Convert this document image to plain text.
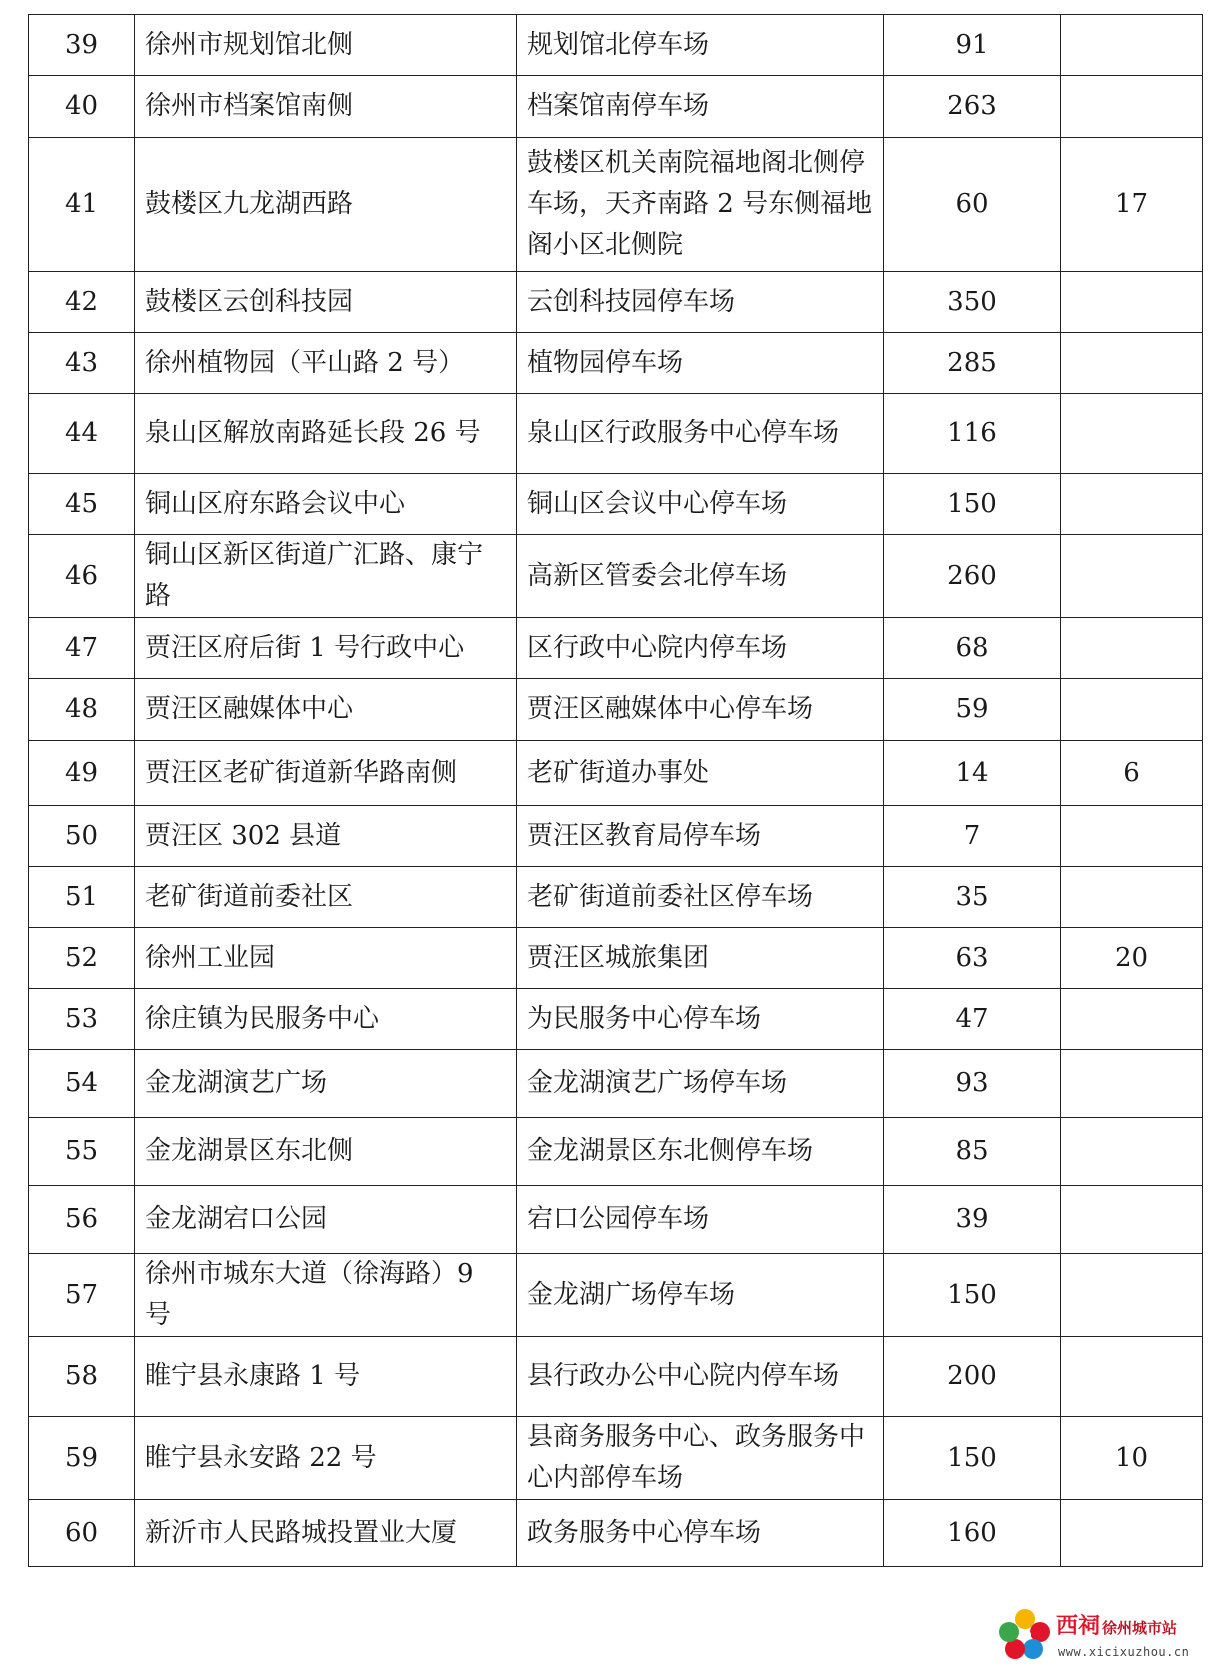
39	徐州市规划馆北侧	规划馆北停车场	91	
40	徐州市档案馆南侧	档案馆南停车场	263	
41	鼓楼区九龙湖西路	鼓楼区机关南院福地阁北侧停车场，天齐南路 2 号东侧福地阁小区北侧院	60	17
42	鼓楼区云创科技园	云创科技园停车场	350	
43	徐州植物园（平山路 2 号）	植物园停车场	285	
44	泉山区解放南路延长段 26 号	泉山区行政服务中心停车场	116	
45	铜山区府东路会议中心	铜山区会议中心停车场	150	
46	铜山区新区街道广汇路、康宁路	高新区管委会北停车场	260	
47	贾汪区府后街 1 号行政中心	区行政中心院内停车场	68	
48	贾汪区融媒体中心	贾汪区融媒体中心停车场	59	
49	贾汪区老矿街道新华路南侧	老矿街道办事处	14	6
50	贾汪区 302 县道	贾汪区教育局停车场	7	
51	老矿街道前委社区	老矿街道前委社区停车场	35	
52	徐州工业园	贾汪区城旅集团	63	20
53	徐庄镇为民服务中心	为民服务中心停车场	47	
54	金龙湖演艺广场	金龙湖演艺广场停车场	93	
55	金龙湖景区东北侧	金龙湖景区东北侧停车场	85	
56	金龙湖宕口公园	宕口公园停车场	39	
57	徐州市城东大道（徐海路）9 号	金龙湖广场停车场	150	
58	睢宁县永康路 1 号	县行政办公中心院内停车场	200	
59	睢宁县永安路 22 号	县商务服务中心、政务服务中心内部停车场	150	10
60	新沂市人民路城投置业大厦	政务服务中心停车场	160	
西祠 徐州城市站
www.xicixuzhou.cn
